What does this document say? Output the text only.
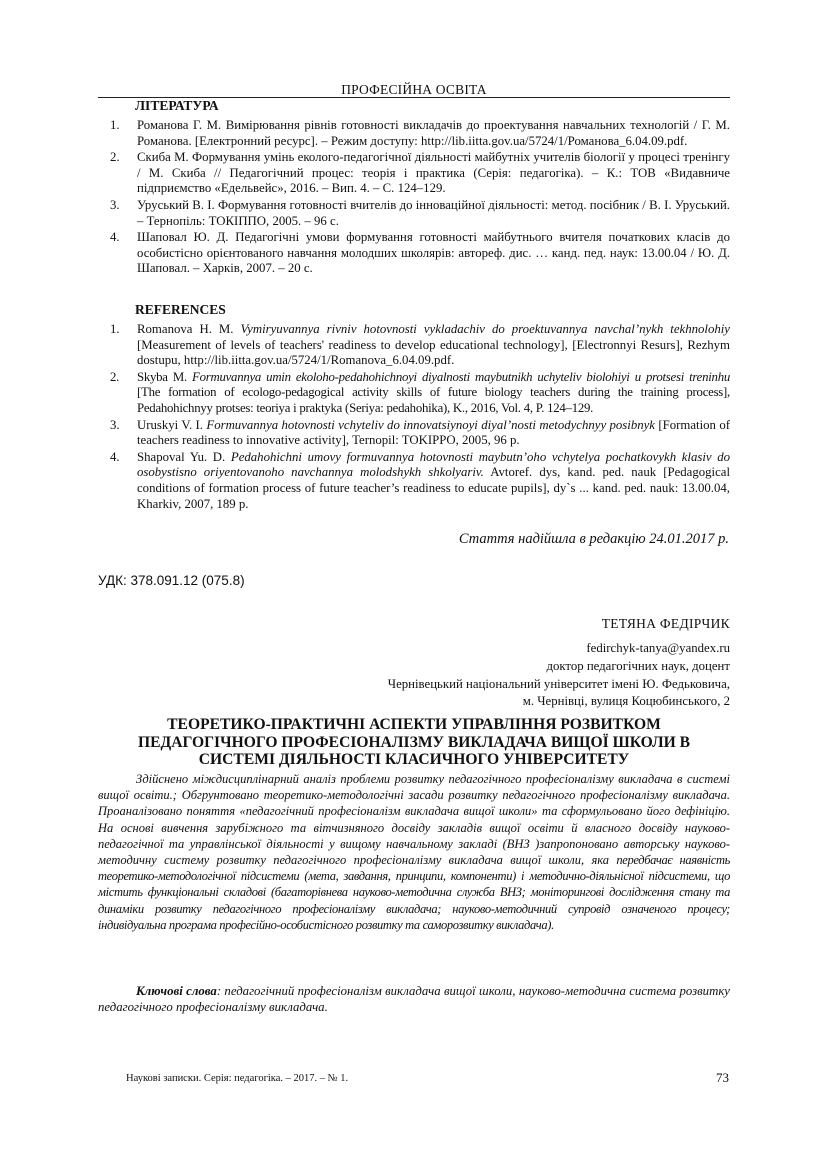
ПРОФЕСІЙНА ОСВІТА
ЛІТЕРАТУРА
1. Романова Г. М. Вимірювання рівнів готовності викладачів до проектування навчальних технологій / Г. М. Романова. [Електронний ресурс]. – Режим доступу: http://lib.iitta.gov.ua/5724/1/Романова_6.04.09.pdf.
2. Скиба М. Формування умінь еколого-педагогічної діяльності майбутніх учителів біології у процесі тренінгу / М. Скиба // Педагогічний процес: теорія і практика (Серія: педагогіка). – К.: ТОВ «Видавниче підприємство «Едельвейс», 2016. – Вип. 4. – С. 124–129.
3. Уруський В. І. Формування готовності вчителів до інноваційної діяльності: метод. посібник / В. І. Уруський. – Тернопіль: ТОКІППО, 2005. – 96 с.
4. Шаповал Ю. Д. Педагогічні умови формування готовності майбутнього вчителя початкових класів до особистісно орієнтованого навчання молодших школярів: автореф. дис. … канд. пед. наук: 13.00.04 / Ю. Д. Шаповал. – Харків, 2007. – 20 с.
REFERENCES
1. Romanova H. M. Vymiryuvannya rivniv hotovnosti vykladachiv do proektuvannya navchal’nykh tekhnolohiy [Measurement of levels of teachers' readiness to develop educational technology], [Electronnyi Resurs], Rezhym dostupu, http://lib.iitta.gov.ua/5724/1/Romanova_6.04.09.pdf.
2. Skyba M. Formuvannya umin ekoloho-pedahohichnoyi diyalnosti maybutnikh uchyteliv biolohiyi u protsesi treninhu [The formation of ecologo-pedagogical activity skills of future biology teachers during the training process], Pedahohichnyy protses: teoriya i praktyka (Seriya: pedahohika), K., 2016, Vol. 4, P. 124–129.
3. Uruskyi V. I. Formuvannya hotovnosti vchyteliv do innovatsiynoyi diyal’nosti metodychnyy posibnyk [Formation of teachers readiness to innovative activity], Ternopil: TOKIPPO, 2005, 96 p.
4. Shapoval Yu. D. Pedahohichni umovy formuvannya hotovnosti maybutn’oho vchytelya pochatkovykh klasiv do osobystisno oriyentovanoho navchannya molodshykh shkolyariv. Avtoref. dys, kand. ped. nauk [Pedagogical conditions of formation process of future teacher’s readiness to educate pupils], dy`s ... kand. ped. nauk: 13.00.04, Kharkiv, 2007, 189 p.
Стаття надійшла в редакцію 24.01.2017 р.
УДК: 378.091.12 (075.8)
ТЕТЯНА ФЕДІРЧИК
fedirchyk-tanya@yandex.ru
доктор педагогічних наук, доцент
Чернівецький національний університет імені Ю. Федьковича,
м. Чернівці, вулиця Коцюбинського, 2
ТЕОРЕТИКО-ПРАКТИЧНІ АСПЕКТИ УПРАВЛІННЯ РОЗВИТКОМ ПЕДАГОГІЧНОГО ПРОФЕСІОНАЛІЗМУ ВИКЛАДАЧА ВИЩОЇ ШКОЛИ В СИСТЕМІ ДІЯЛЬНОСТІ КЛАСИЧНОГО УНІВЕРСИТЕТУ

Здійснено міждисциплінарний аналіз проблеми розвитку педагогічного професіоналізму викладача в системі вищої освіти.; Обгрунтовано теоретико-методологічні засади розвитку педагогічного професіоналізму викладача. Проаналізовано поняття «педагогічний професіоналізм викладача вищої школи» та сформульовано його дефініцію. На основі вивчення зарубіжного та вітчизняного досвіду закладів вищої освіти й власного досвіду науково-педагогічної та управлінської діяльності у вищому навчальному закладі (ВНЗ )запропоновано авторську науково-методичну систему розвитку педагогічного професіоналізму викладача вищої школи, яка передбачає наявність теоретико-методологічної підсистеми (мета, завдання, принципи, компоненти) і методично-діяльнісної підсистеми, що містить функціональні складові (багаторівнева науково-методична служба ВНЗ; моніторингові дослідження стану та динаміки розвитку педагогічного професіоналізму викладача; науково-методичний супровід означеного процесу; індивідуальна програма професійно-особистісного розвитку та саморозвитку викладача).

Ключові слова: педагогічний професіоналізм викладача вищої школи, науково-методична система розвитку педагогічного професіоналізму викладача.

Наукові записки. Серія: педагогіка. – 2017. – № 1.	73
